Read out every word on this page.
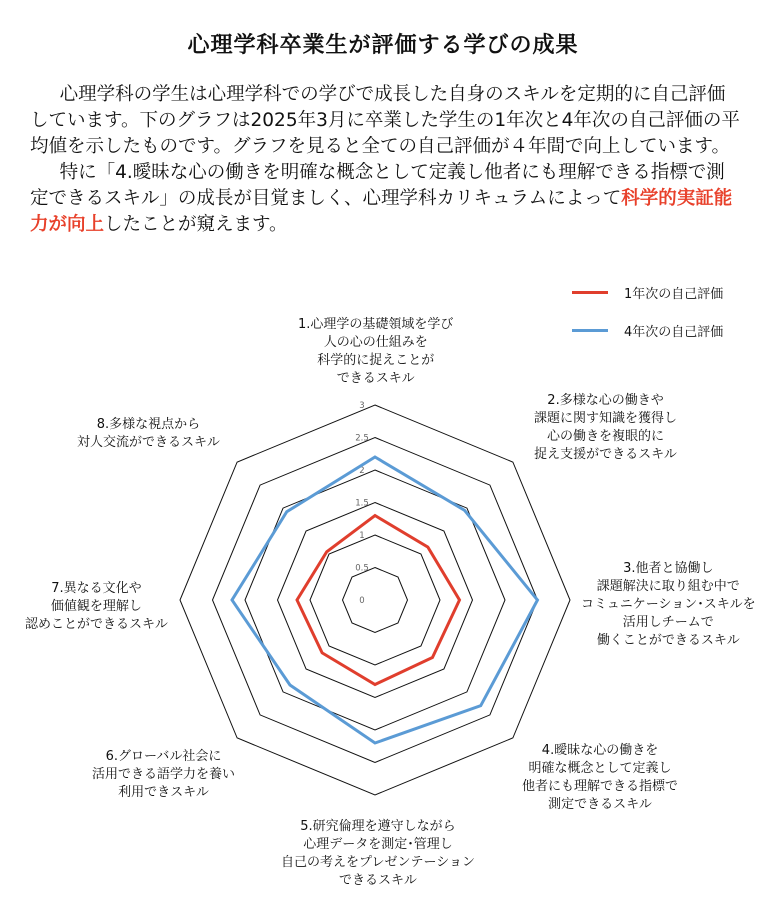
心理学科卒業生が評価する学びの成果

心理学科の学生は心理学科での学びで成長した自身のスキルを定期的に自己評価しています。下のグラフは2025年3月に卒業した学生の1年次と4年次の自己評価の平均値を示したものです。グラフを見ると全ての自己評価が４年間で向上しています。

特に「4.曖昧な心の働きを明確な概念として定義し他者にも理解できる指標で測定できるスキル」の成長が目覚ましく、心理学科カリキュラムによって科学的実証能力が向上したことが窺えます。

1年次の自己評価
4年次の自己評価
0
0.5
1
1.5
2
2.5
3
1.心理学の基礎領域を学び
人の心の仕組みを
科学的に捉えことが
できるスキル
2.多様な心の働きや
課題に関す知識を獲得し
心の働きを複眼的に
捉え支援ができるスキル
3.他者と協働し
課題解決に取り組む中で
コミュニケーション･スキルを
活用しチームで
働くことができるスキル
4.曖昧な心の働きを
明確な概念として定義し
他者にも理解できる指標で
測定できるスキル
5.研究倫理を遵守しながら
心理データを測定･管理し
自己の考えをプレゼンテーション
できるスキル
6.グローバル社会に
活用できる語学力を養い
利用できスキル
7.異なる文化や
価値観を理解し
認めことができるスキル
8.多様な視点から
対人交流ができるスキル
